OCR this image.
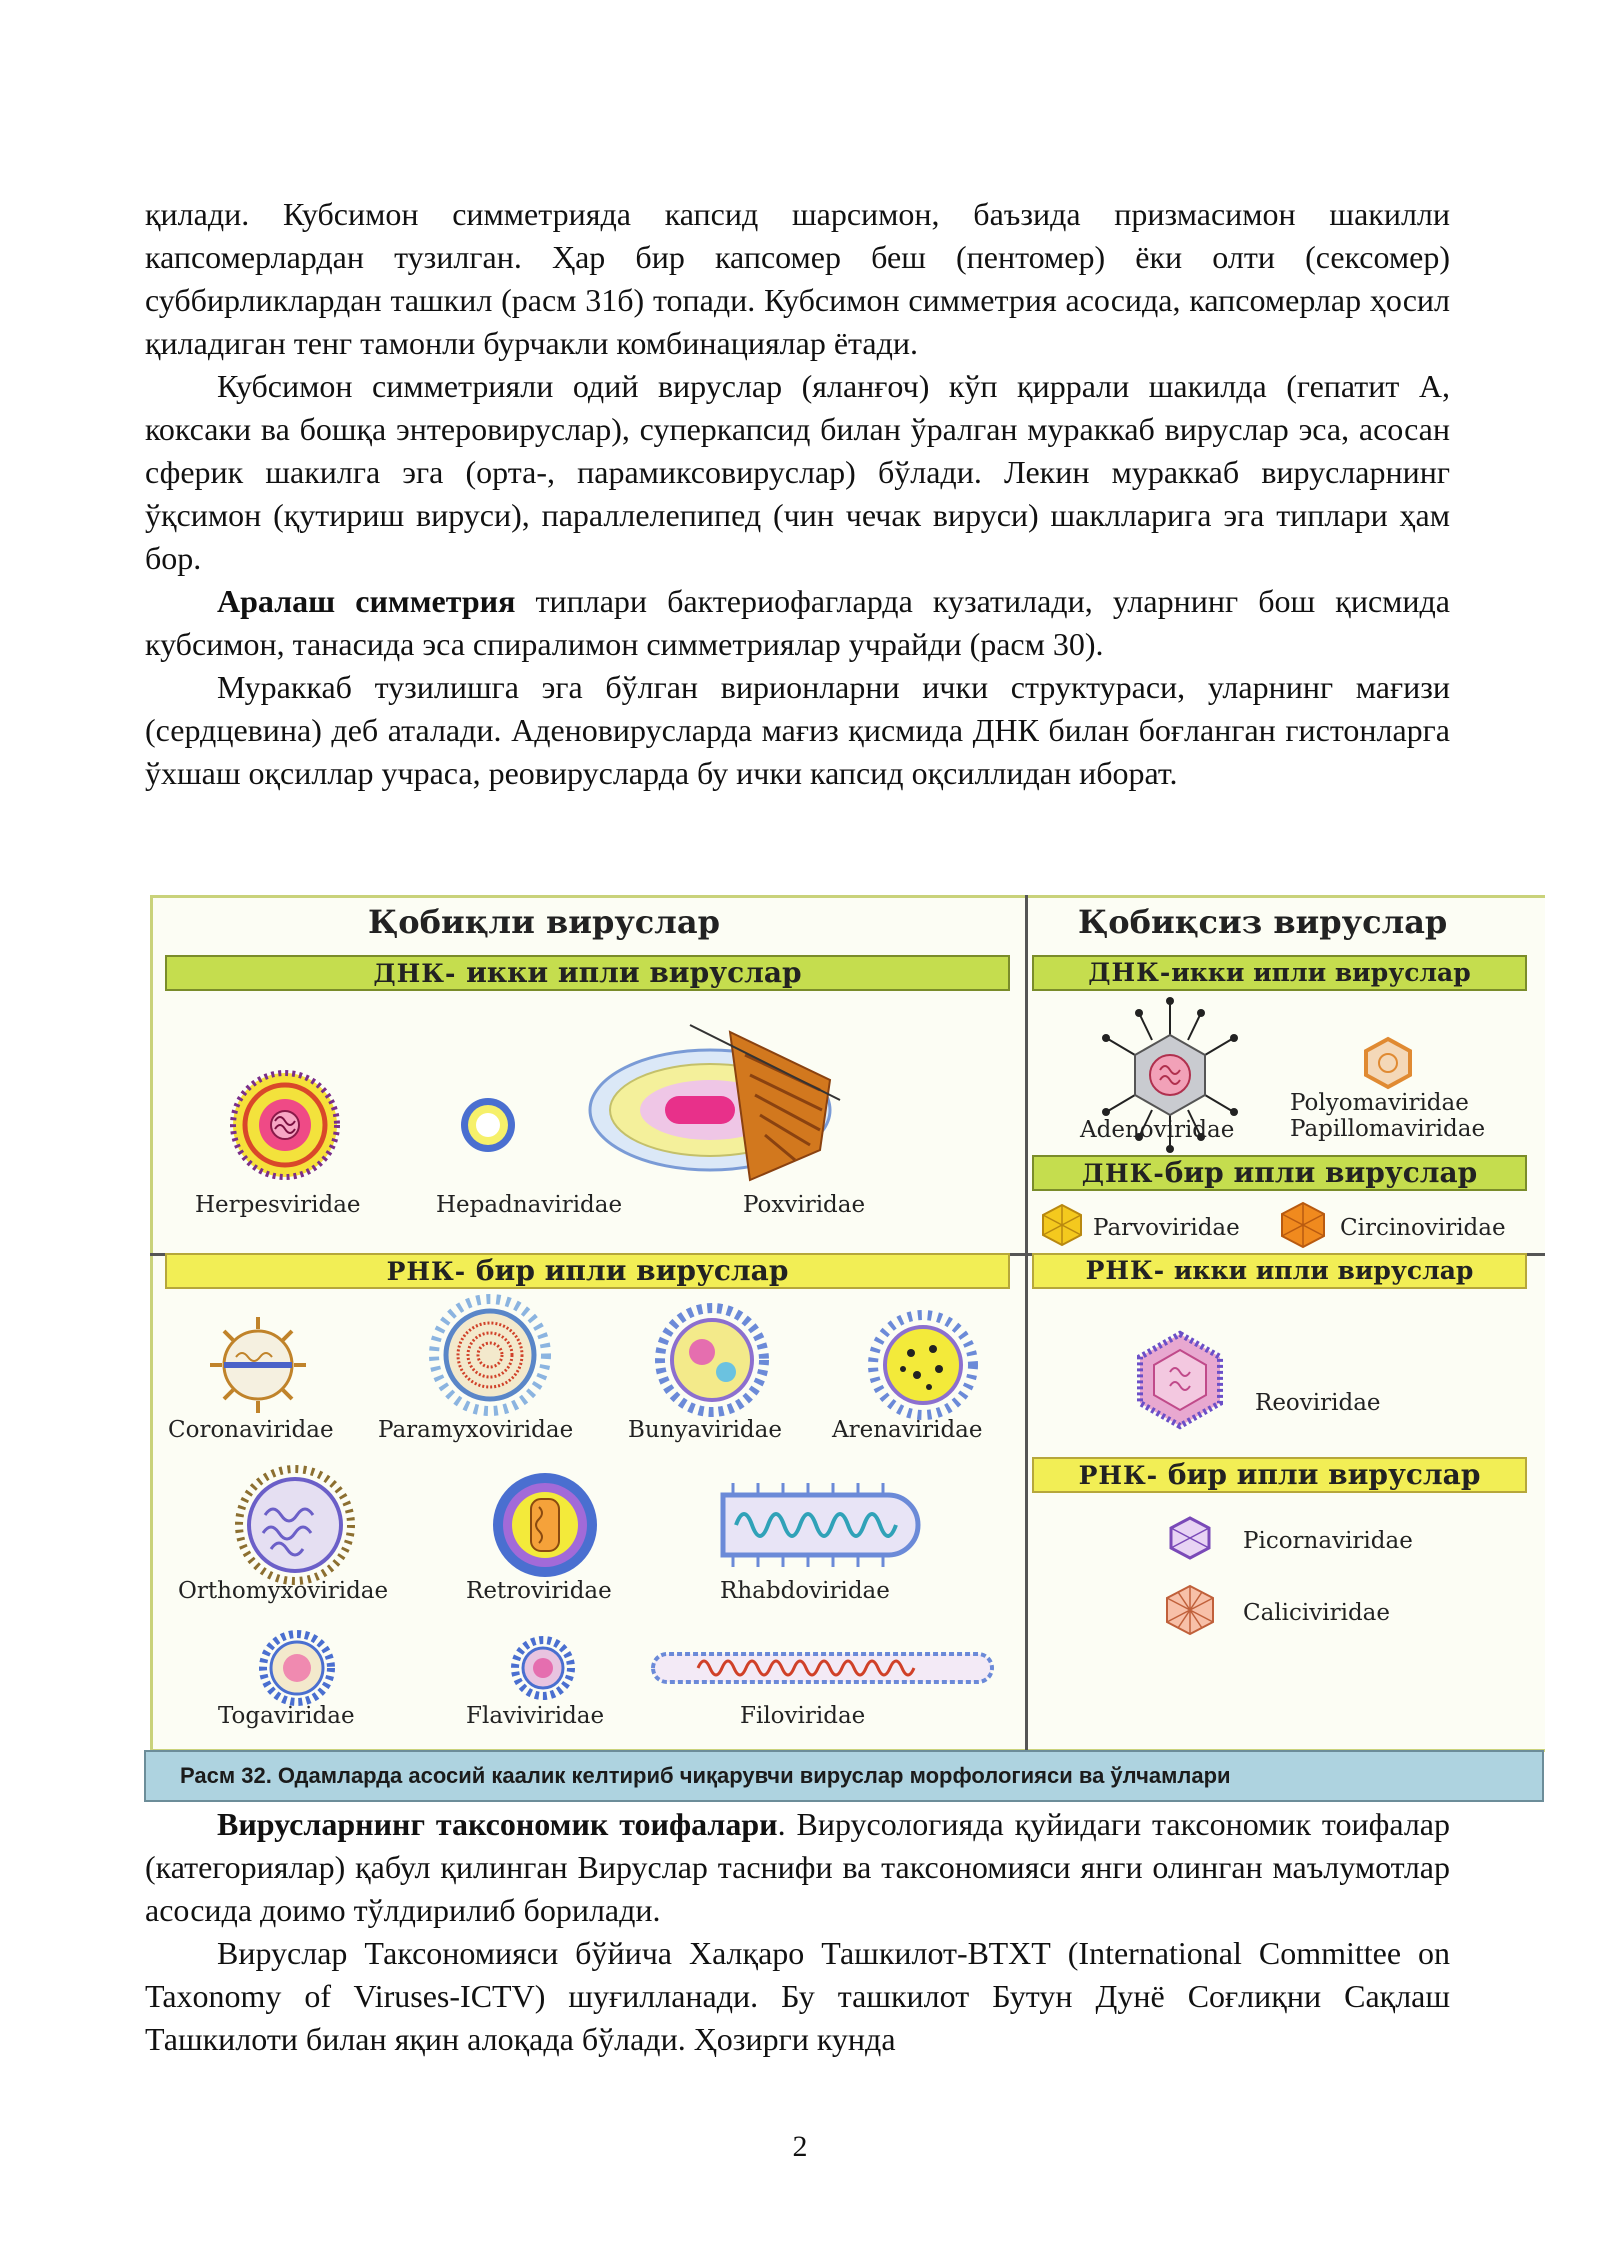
қилади. Кубсимон симметрияда капсид шарсимон, баъзида призмасимон шакилли капсомерлардан тузилган. Ҳар бир капсомер беш (пентомер) ёки олти (сексомер) суббирликлардан ташкил (расм 31б) топади. Кубсимон симметрия асосида, капсомерлар ҳосил қиладиган тенг тамонли бурчакли комбинациялар ётади.

Кубсимон симметрияли одий вируслар (яланғоч) кўп қиррали шакилда (гепатит А, коксаки ва бошқа энтеровируслар), суперкапсид билан ўралган мураккаб вируслар эса, асосан сферик шакилга эга (орта-, парамиксовируслар) бўлади. Лекин мураккаб вирусларнинг ўқсимон (қутириш вируси), параллелепипед (чин чечак вируси) шаклларига эга типлари ҳам бор.

Аралаш симметрия типлари бактериофагларда кузатилади, уларнинг бош қисмида кубсимон, танасида эса спиралимон симметриялар учрайди (расм 30).

Мураккаб тузилишга эга бўлган вирионларни ички структураси, уларнинг мағизи (сердцевина) деб аталади. Аденовирусларда мағиз қисмида ДНК билан боғланган гистонларга ўхшаш оқсиллар учраса, реовирусларда бу ички капсид оқсиллидан иборат.

Қобиқли вируслар	Қобиқсиз вируслар
ДНК- икки ипли вируслар	ДНК-икки ипли вируслар
ДНК-бир ипли вируслар
РНК- бир ипли вируслар	РНК- икки ипли вируслар
РНК- бир ипли вируслар
Herpesviridae	Hepadnaviridae	Poxviridae
Adenoviridae
Polyomaviridae
Papillomaviridae
Parvoviridae	Circinoviridae
Coronaviridae Paramyxoviridae Bunyaviridae Arenaviridae
Orthomyxoviridae	Retroviridae	Rhabdoviridae
Togaviridae	Flaviviridae	Filoviridae
Reoviridae
Picornaviridae
Caliciviridae
Расм 32. Одамларда асосий каалик келтириб чиқарувчи вируслар морфологияси ва ўлчамлари

Вирусларнинг таксономик тоифалари. Вирусологияда қуйидаги таксономик тоифалар (категориялар) қабул қилинган Вируслар таснифи ва таксономияси янги олинган маълумотлар асосида доимо тўлдирилиб борилади.

Вируслар Таксономияси бўйича Халқаро Ташкилот-ВТХТ (International Committee on Taxonomy of Viruses-ICTV) шуғилланади. Бу ташкилот Бутун Дунё Соғлиқни Сақлаш Ташкилоти билан яқин алоқада бўлади. Ҳозирги кунда

2
